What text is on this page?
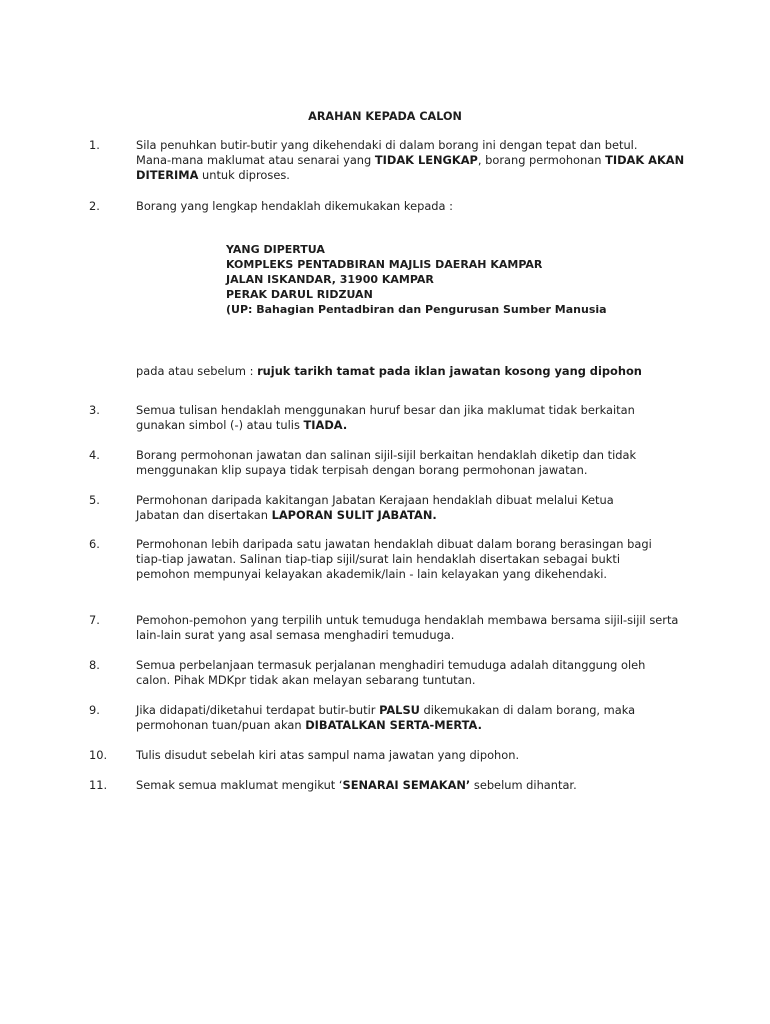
ARAHAN KEPADA CALON
1.	Sila penuhkan butir-butir yang dikehendaki di dalam borang ini dengan tepat dan betul.
Mana-mana maklumat atau senarai yang TIDAK LENGKAP, borang permohonan TIDAK AKAN
DITERIMA untuk diproses.
2.	Borang yang lengkap hendaklah dikemukakan kepada :
YANG DIPERTUA
KOMPLEKS PENTADBIRAN MAJLIS DAERAH KAMPAR
JALAN ISKANDAR, 31900 KAMPAR
PERAK DARUL RIDZUAN
(UP: Bahagian Pentadbiran dan Pengurusan Sumber Manusia
pada atau sebelum : rujuk tarikh tamat pada iklan jawatan kosong yang dipohon
3.	Semua tulisan hendaklah menggunakan huruf besar dan jika maklumat tidak berkaitan
gunakan simbol (-) atau tulis TIADA.
4.	Borang permohonan jawatan dan salinan sijil-sijil berkaitan hendaklah diketip dan tidak
menggunakan klip supaya tidak terpisah dengan borang permohonan jawatan.
5.	Permohonan daripada kakitangan Jabatan Kerajaan hendaklah dibuat melalui Ketua
Jabatan dan disertakan LAPORAN SULIT JABATAN.
6.	Permohonan lebih daripada satu jawatan hendaklah dibuat dalam borang berasingan bagi
tiap-tiap jawatan. Salinan tiap-tiap sijil/surat lain hendaklah disertakan sebagai bukti
pemohon mempunyai kelayakan akademik/lain - lain kelayakan yang dikehendaki.
7.	Pemohon-pemohon yang terpilih untuk temuduga hendaklah membawa bersama sijil-sijil serta
lain-lain surat yang asal semasa menghadiri temuduga.
8.	Semua perbelanjaan termasuk perjalanan menghadiri temuduga adalah ditanggung oleh
calon. Pihak MDKpr tidak akan melayan sebarang tuntutan.
9.	Jika didapati/diketahui terdapat butir-butir PALSU dikemukakan di dalam borang, maka
permohonan tuan/puan akan DIBATALKAN SERTA-MERTA.
10.	Tulis disudut sebelah kiri atas sampul nama jawatan yang dipohon.
11.	Semak semua maklumat mengikut ‘SENARAI SEMAKAN’ sebelum dihantar.
